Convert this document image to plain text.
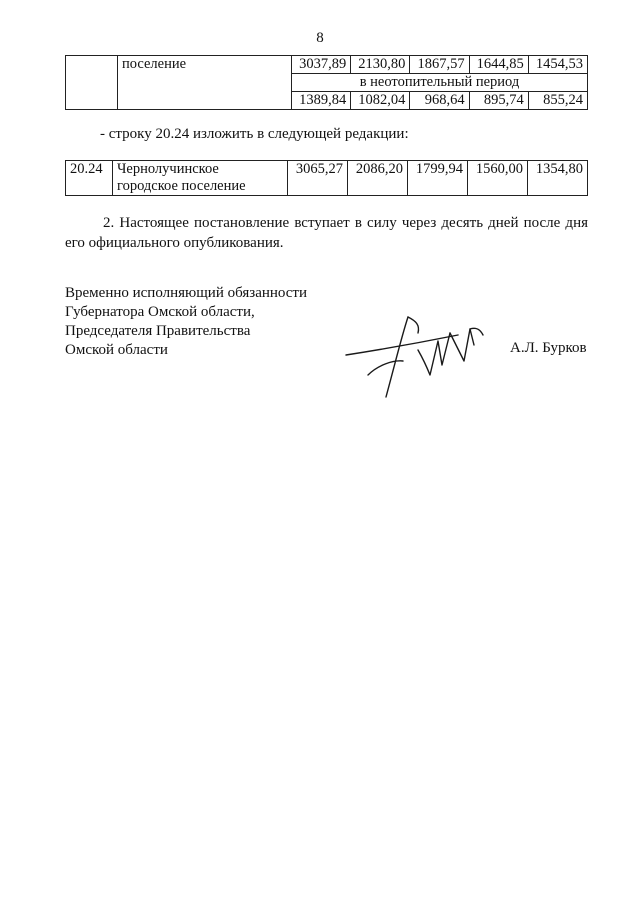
8
	поселение	3037,89	2130,80	1867,57	1644,85	1454,53
		в неотопительный период				
		1389,84	1082,04	968,64	895,74	855,24
- строку 20.24 изложить в следующей редакции:
20.24	Чернолучинское городское поселение	3065,27	2086,20	1799,94	1560,00	1354,80
2. Настоящее постановление вступает в силу через десять дней после дня его официального опубликования.
Временно исполняющий обязанности
Губернатора Омской области,
Председателя Правительства
Омской области	А.Л. Бурков
